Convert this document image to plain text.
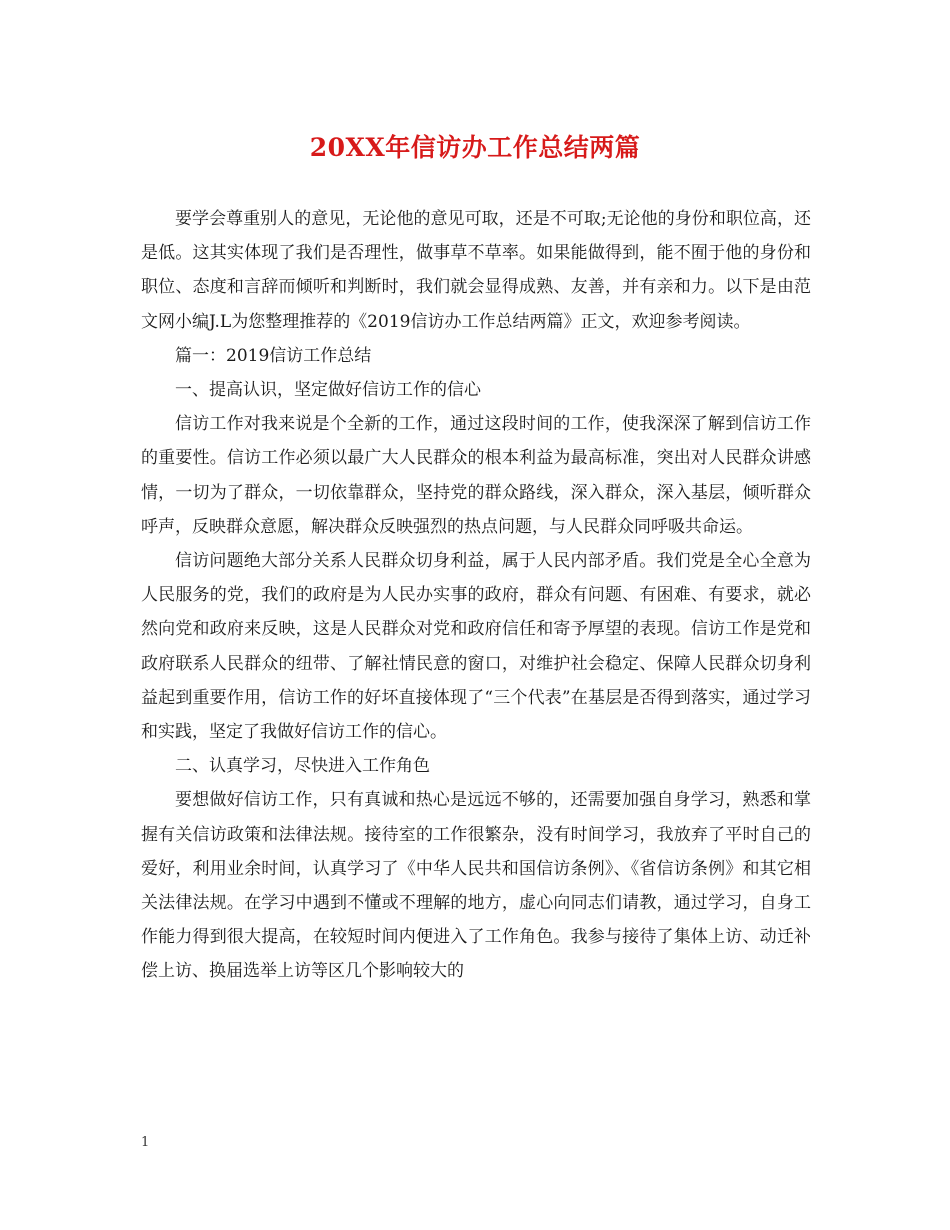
20XX年信访办工作总结两篇

要学会尊重别人的意见，无论他的意见可取，还是不可取;无论他的身份和职位高，还是低。这其实体现了我们是否理性，做事草不草率。如果能做得到，能不囿于他的身份和职位、态度和言辞而倾听和判断时，我们就会显得成熟、友善，并有亲和力。以下是由范文网小编J.L为您整理推荐的《2019信访办工作总结两篇》正文，欢迎参考阅读。

篇一：2019信访工作总结

一、提高认识，坚定做好信访工作的信心

信访工作对我来说是个全新的工作，通过这段时间的工作，使我深深了解到信访工作的重要性。信访工作必须以最广大人民群众的根本利益为最高标准，突出对人民群众讲感情，一切为了群众，一切依靠群众，坚持党的群众路线，深入群众，深入基层，倾听群众呼声，反映群众意愿，解决群众反映强烈的热点问题，与人民群众同呼吸共命运。

信访问题绝大部分关系人民群众切身利益，属于人民内部矛盾。我们党是全心全意为人民服务的党，我们的政府是为人民办实事的政府，群众有问题、有困难、有要求，就必然向党和政府来反映，这是人民群众对党和政府信任和寄予厚望的表现。信访工作是党和政府联系人民群众的纽带、了解社情民意的窗口，对维护社会稳定、保障人民群众切身利益起到重要作用，信访工作的好坏直接体现了“三个代表”在基层是否得到落实，通过学习和实践，坚定了我做好信访工作的信心。

二、认真学习，尽快进入工作角色

要想做好信访工作，只有真诚和热心是远远不够的，还需要加强自身学习，熟悉和掌握有关信访政策和法律法规。接待室的工作很繁杂，没有时间学习，我放弃了平时自己的爱好，利用业余时间，认真学习了《中华人民共和国信访条例》、《省信访条例》和其它相关法律法规。在学习中遇到不懂或不理解的地方，虚心向同志们请教，通过学习，自身工作能力得到很大提高，在较短时间内便进入了工作角色。我参与接待了集体上访、动迁补偿上访、换届选举上访等区几个影响较大的

1
